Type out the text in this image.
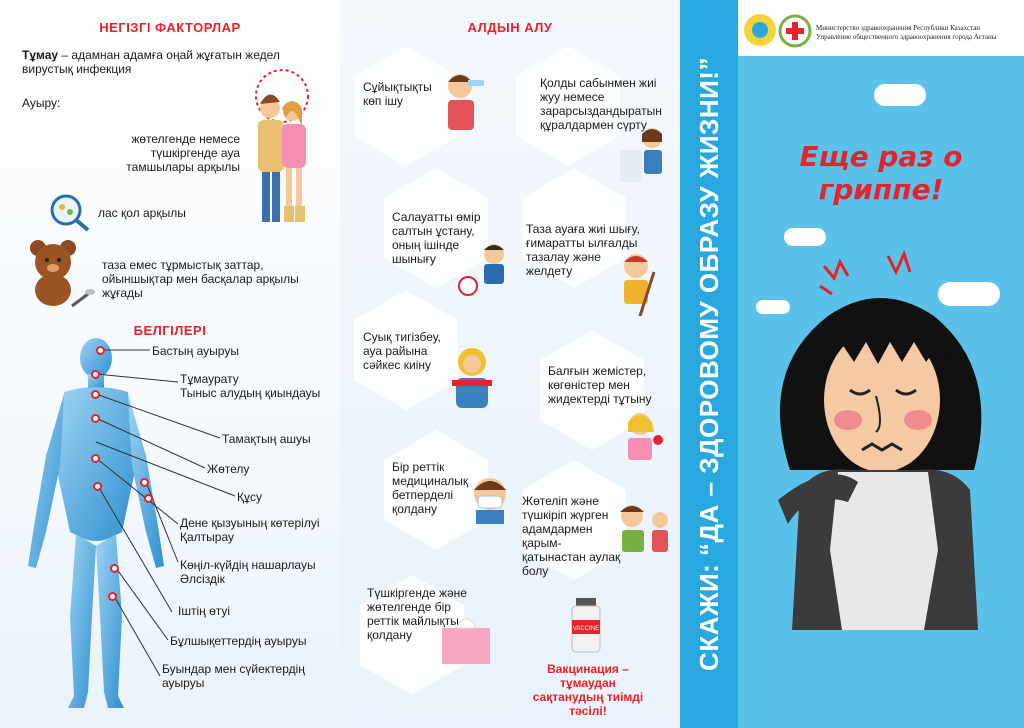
НЕГІЗГІ ФАКТОРЛАР
Тұмау – адамнан адамға оңай жұғатын жедел вирустық инфекция
Ауыру:
жөтелгенде немесе түшкіргенде ауа тамшылары арқылы
лас қол арқылы
таза емес тұрмыстық заттар, ойыншықтар мен басқалар арқылы жұғады
БЕЛГІЛЕРІ
Бастың ауыруы
Тұмаурату
Тыныс алудың қиындауы
Тамақтың ашуы
Жөтелу
Құсу
Дене қызуының көтерілуі
Қалтырау
Көңіл-күйдің нашарлауы
Әлсіздік
Іштің өтуі
Бұлшықеттердің ауыруы
Буындар мен сүйектердің ауыруы
АЛДЫН АЛУ
Сұйықтықты көп ішу
Қолды сабынмен жиі жуу немесе зарарсыздандыратын құралдармен сүрту
Салауатты өмір салтын ұстану, оның ішінде шынығу
Таза ауаға жиі шығу, ғимаратты ылғалды тазалау және желдету
Суық тигізбеу, ауа райына сәйкес киіну	Балғын жемістер, көгөністер мен жидектерді тұтыну
Бір реттік медициналық бетперделі қолдану
Жөтеліп және түшкіріп жүрген адамдармен қарым-қатынастан аулақ болу
Түшкіргенде және жөтелгенде бір реттік майлықты қолдану	VACCINE
Вакцинация – тұмаудан сақтанудың тиімді тәсілі!
СКАЖИ: “ДА – ЗДОРОВОМУ ОБРАЗУ ЖИЗНИ!”
Министерство здравоохранения Республики Казахстан
Управление общественного здравоохранения города Астаны
Еще раз о гриппе!
